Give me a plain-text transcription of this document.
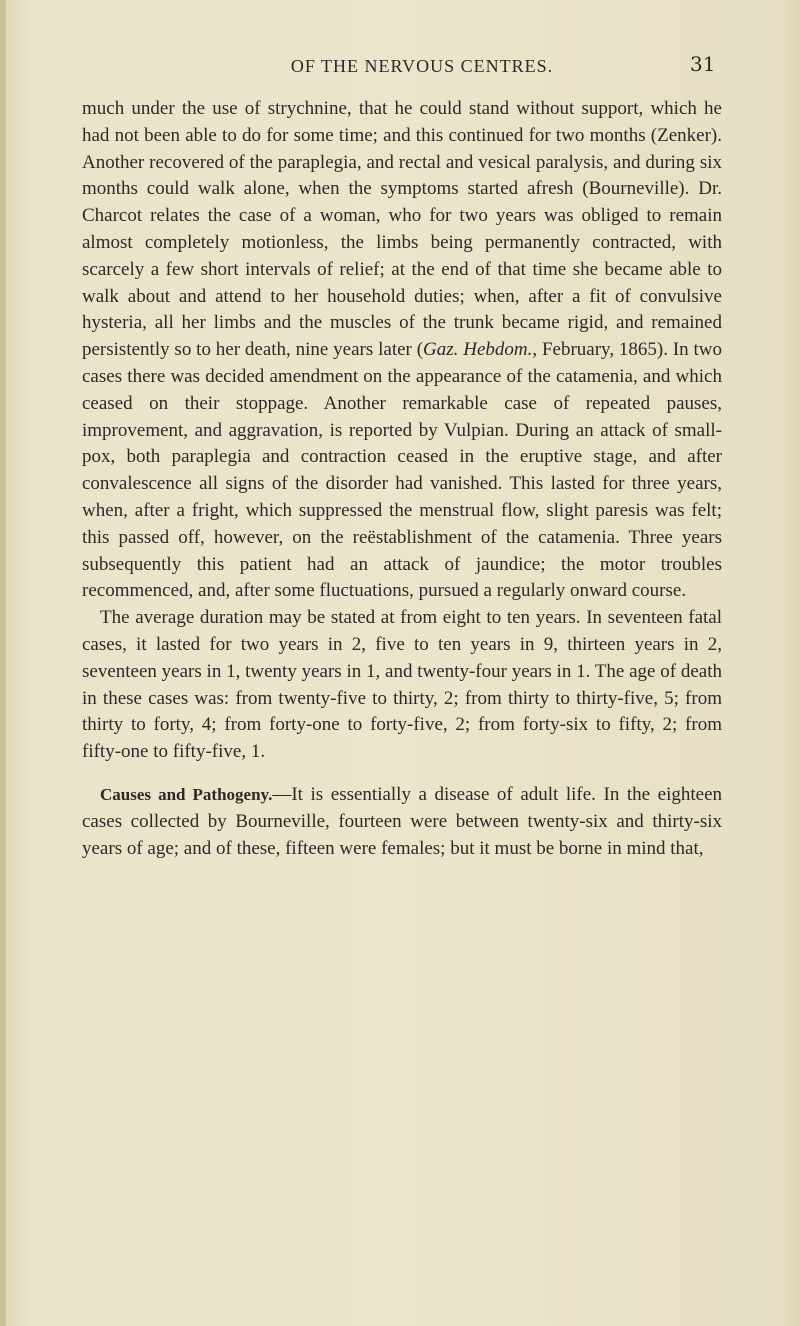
OF THE NERVOUS CENTRES.	31

much under the use of strychnine, that he could stand without support, which he had not been able to do for some time; and this continued for two months (Zenker). Another recovered of the paraplegia, and rectal and vesical paralysis, and during six months could walk alone, when the symptoms started afresh (Bourneville). Dr. Charcot relates the case of a woman, who for two years was obliged to remain almost completely motionless, the limbs being permanently contracted, with scarcely a few short intervals of relief; at the end of that time she became able to walk about and attend to her household duties; when, after a fit of convulsive hysteria, all her limbs and the muscles of the trunk became rigid, and remained persistently so to her death, nine years later (Gaz. Hebdom., February, 1865). In two cases there was decided amendment on the appearance of the catamenia, and which ceased on their stoppage. Another remarkable case of repeated pauses, improvement, and aggravation, is reported by Vulpian. During an attack of small-pox, both paraplegia and contraction ceased in the eruptive stage, and after convalescence all signs of the disorder had vanished. This lasted for three years, when, after a fright, which suppressed the menstrual flow, slight paresis was felt; this passed off, however, on the reëstablishment of the catamenia. Three years subsequently this patient had an attack of jaundice; the motor troubles recommenced, and, after some fluctuations, pursued a regularly onward course.

The average duration may be stated at from eight to ten years. In seventeen fatal cases, it lasted for two years in 2, five to ten years in 9, thirteen years in 2, seventeen years in 1, twenty years in 1, and twenty-four years in 1. The age of death in these cases was: from twenty-five to thirty, 2; from thirty to thirty-five, 5; from thirty to forty, 4; from forty-one to forty-five, 2; from forty-six to fifty, 2; from fifty-one to fifty-five, 1.

Causes and Pathogeny.—It is essentially a disease of adult life. In the eighteen cases collected by Bourneville, fourteen were between twenty-six and thirty-six years of age; and of these, fifteen were females; but it must be borne in mind that,
